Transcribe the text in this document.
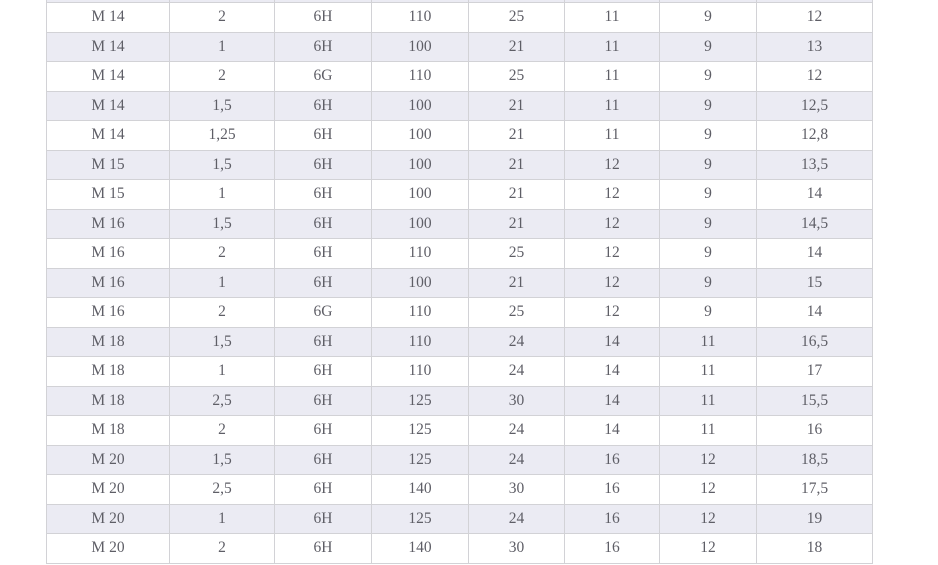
M 14	2	6H	110	25	11	9	12
M 14	1	6H	100	21	11	9	13
M 14	2	6G	110	25	11	9	12
M 14	1,5	6H	100	21	11	9	12,5
M 14	1,25	6H	100	21	11	9	12,8
M 15	1,5	6H	100	21	12	9	13,5
M 15	1	6H	100	21	12	9	14
M 16	1,5	6H	100	21	12	9	14,5
M 16	2	6H	110	25	12	9	14
M 16	1	6H	100	21	12	9	15
M 16	2	6G	110	25	12	9	14
M 18	1,5	6H	110	24	14	11	16,5
M 18	1	6H	110	24	14	11	17
M 18	2,5	6H	125	30	14	11	15,5
M 18	2	6H	125	24	14	11	16
M 20	1,5	6H	125	24	16	12	18,5
M 20	2,5	6H	140	30	16	12	17,5
M 20	1	6H	125	24	16	12	19
M 20	2	6H	140	30	16	12	18
